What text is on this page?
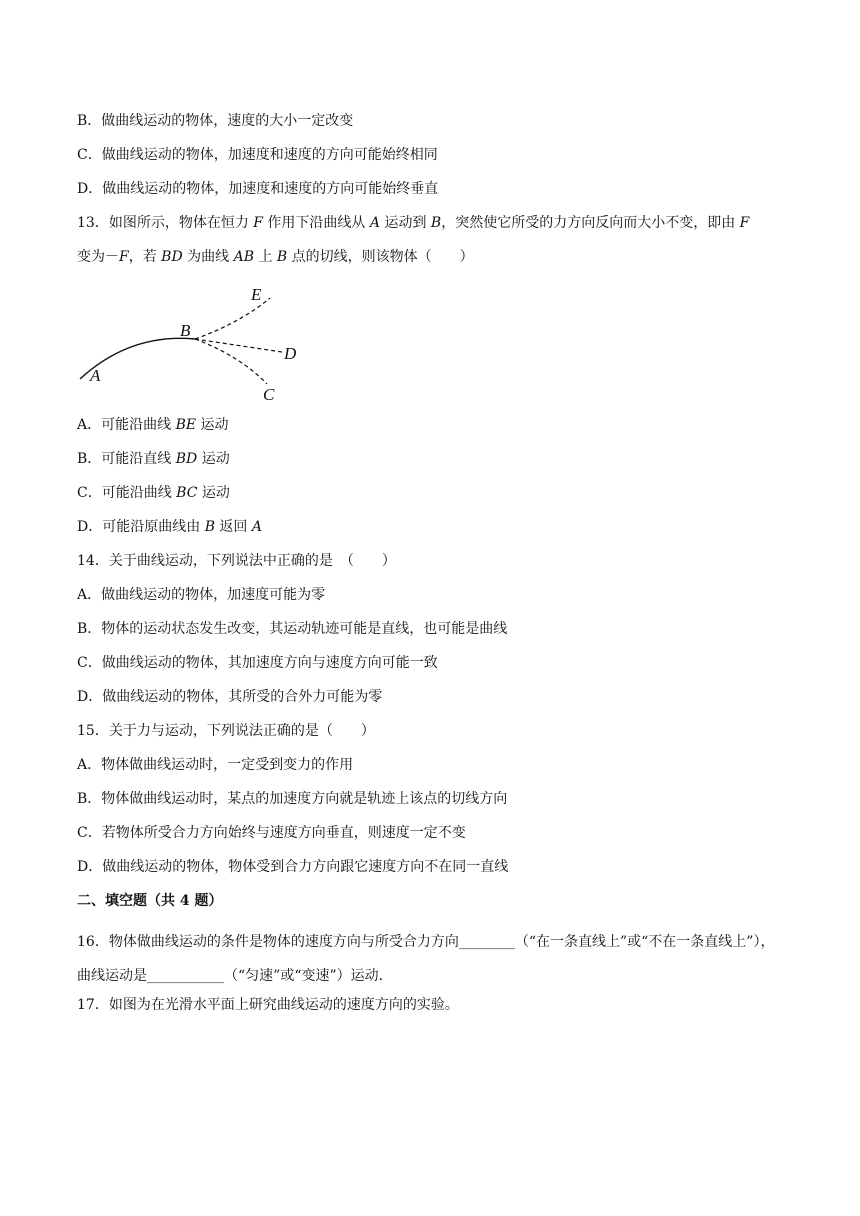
B．做曲线运动的物体，速度的大小一定改变
C．做曲线运动的物体，加速度和速度的方向可能始终相同
D．做曲线运动的物体，加速度和速度的方向可能始终垂直
13．如图所示，物体在恒力 F 作用下沿曲线从 A 运动到 B，突然使它所受的力方向反向而大小不变，即由 F
变为－F，若 BD 为曲线 AB 上 B 点的切线，则该物体（　　）
A
B
C
D
E
A．可能沿曲线 BE 运动
B．可能沿直线 BD 运动
C．可能沿曲线 BC 运动
D．可能沿原曲线由 B 返回 A
14．关于曲线运动，下列说法中正确的是　（　　）
A．做曲线运动的物体，加速度可能为零
B．物体的运动状态发生改变，其运动轨迹可能是直线，也可能是曲线
C．做曲线运动的物体，其加速度方向与速度方向可能一致
D．做曲线运动的物体，其所受的合外力可能为零
15．关于力与运动，下列说法正确的是（　　）
A．物体做曲线运动时，一定受到变力的作用
B．物体做曲线运动时，某点的加速度方向就是轨迹上该点的切线方向
C．若物体所受合力方向始终与速度方向垂直，则速度一定不变
D．做曲线运动的物体，物体受到合力方向跟它速度方向不在同一直线
二、填空题（共 4 题）
16．物体做曲线运动的条件是物体的速度方向与所受合力方向________（“在一条直线上”或“不在一条直线上”），曲线运动是___________（“匀速”或“变速”）运动．
17．如图为在光滑水平面上研究曲线运动的速度方向的实验。
